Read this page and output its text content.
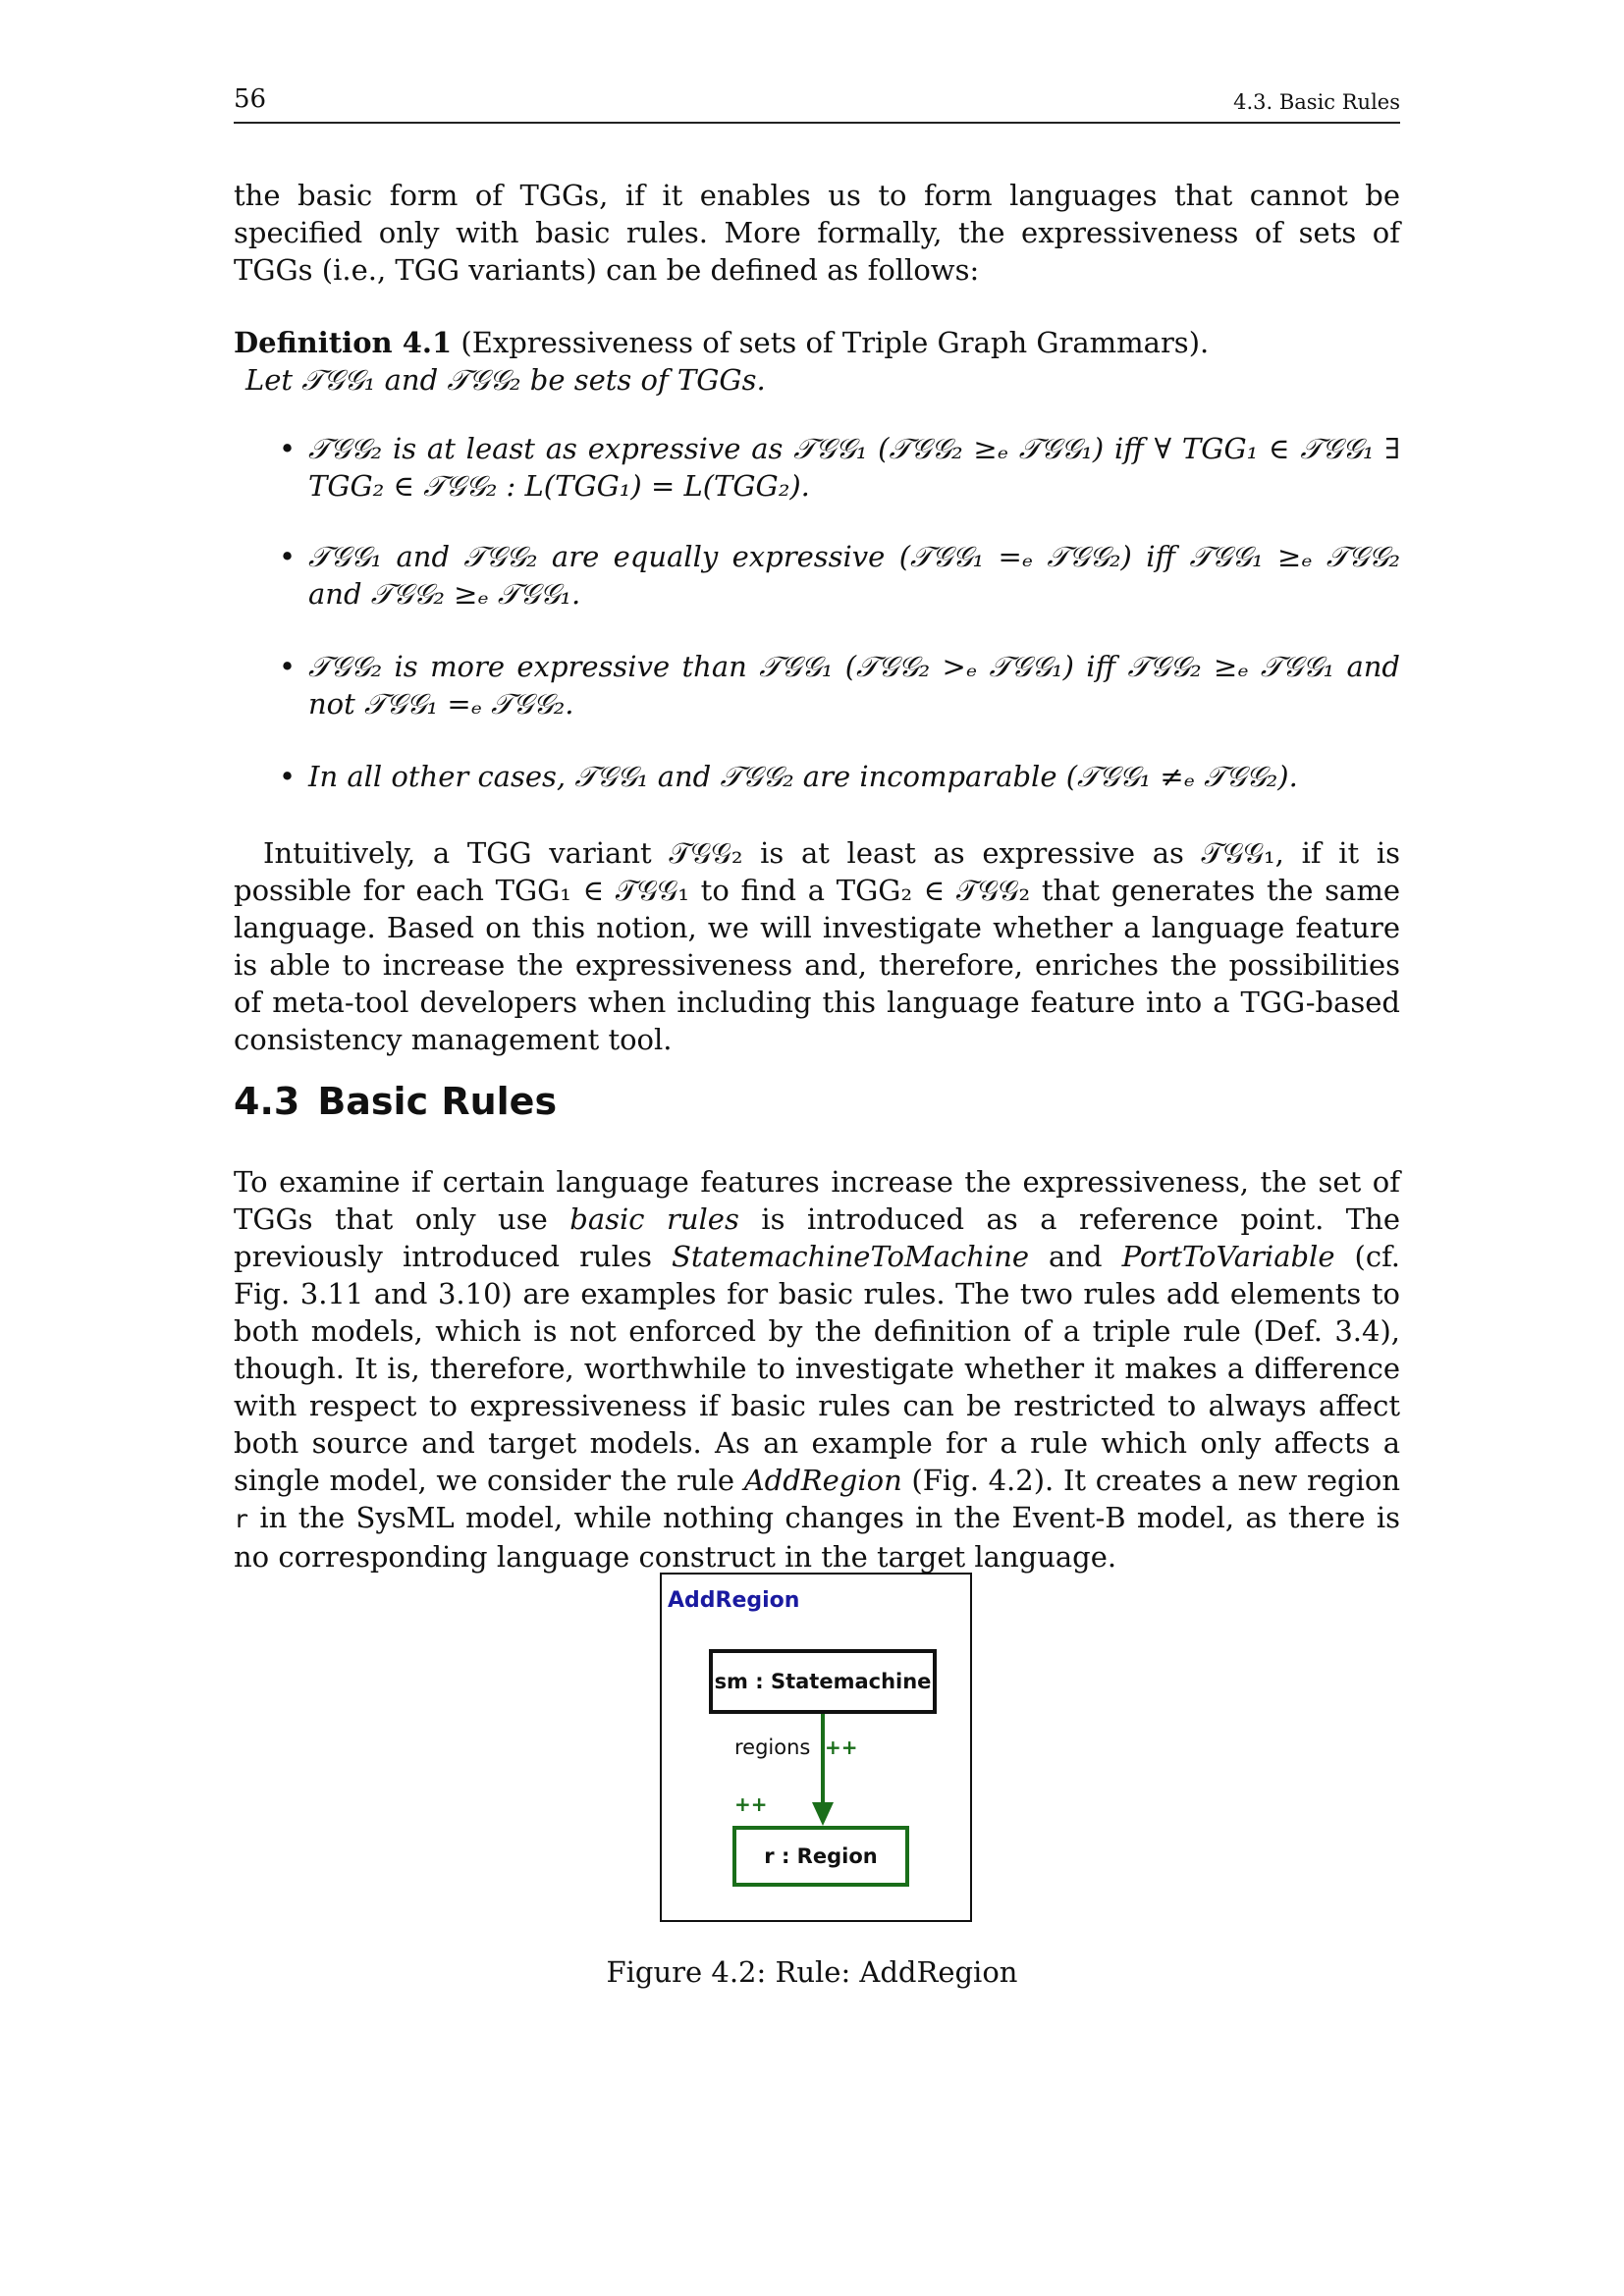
56	4.3. Basic Rules

the basic form of TGGs, if it enables us to form languages that cannot be specified only with basic rules. More formally, the expressiveness of sets of TGGs (i.e., TGG variants) can be defined as follows:

Definition 4.1 (Expressiveness of sets of Triple Graph Grammars).
Let 𝒯𝒢𝒢₁ and 𝒯𝒢𝒢₂ be sets of TGGs.
• 𝒯𝒢𝒢₂ is at least as expressive as 𝒯𝒢𝒢₁ (𝒯𝒢𝒢₂ ≥ₑ 𝒯𝒢𝒢₁) iff ∀ TGG₁ ∈ 𝒯𝒢𝒢₁ ∃ TGG₂ ∈ 𝒯𝒢𝒢₂ : L(TGG₁) = L(TGG₂).
• 𝒯𝒢𝒢₁ and 𝒯𝒢𝒢₂ are equally expressive (𝒯𝒢𝒢₁ =ₑ 𝒯𝒢𝒢₂) iff 𝒯𝒢𝒢₁ ≥ₑ 𝒯𝒢𝒢₂ and 𝒯𝒢𝒢₂ ≥ₑ 𝒯𝒢𝒢₁.
• 𝒯𝒢𝒢₂ is more expressive than 𝒯𝒢𝒢₁ (𝒯𝒢𝒢₂ >ₑ 𝒯𝒢𝒢₁) iff 𝒯𝒢𝒢₂ ≥ₑ 𝒯𝒢𝒢₁ and not 𝒯𝒢𝒢₁ =ₑ 𝒯𝒢𝒢₂.
• In all other cases, 𝒯𝒢𝒢₁ and 𝒯𝒢𝒢₂ are incomparable (𝒯𝒢𝒢₁ ≠ₑ 𝒯𝒢𝒢₂).

Intuitively, a TGG variant 𝒯𝒢𝒢₂ is at least as expressive as 𝒯𝒢𝒢₁, if it is possible for each TGG₁ ∈ 𝒯𝒢𝒢₁ to find a TGG₂ ∈ 𝒯𝒢𝒢₂ that generates the same language. Based on this notion, we will investigate whether a language feature is able to increase the expressiveness and, therefore, enriches the possibilities of meta-tool developers when including this language feature into a TGG-based consistency management tool.

4.3 Basic Rules

To examine if certain language features increase the expressiveness, the set of TGGs that only use basic rules is introduced as a reference point. The previously introduced rules StatemachineToMachine and PortToVariable (cf. Fig. 3.11 and 3.10) are examples for basic rules. The two rules add elements to both models, which is not enforced by the definition of a triple rule (Def. 3.4), though. It is, therefore, worthwhile to investigate whether it makes a difference with respect to expressiveness if basic rules can be restricted to always affect both source and target models. As an example for a rule which only affects a single model, we consider the rule AddRegion (Fig. 4.2). It creates a new region r in the SysML model, while nothing changes in the Event-B model, as there is no corresponding language construct in the target language.

AddRegion
sm : Statemachine
regions ++
++
r : Region
Figure 4.2: Rule: AddRegion
